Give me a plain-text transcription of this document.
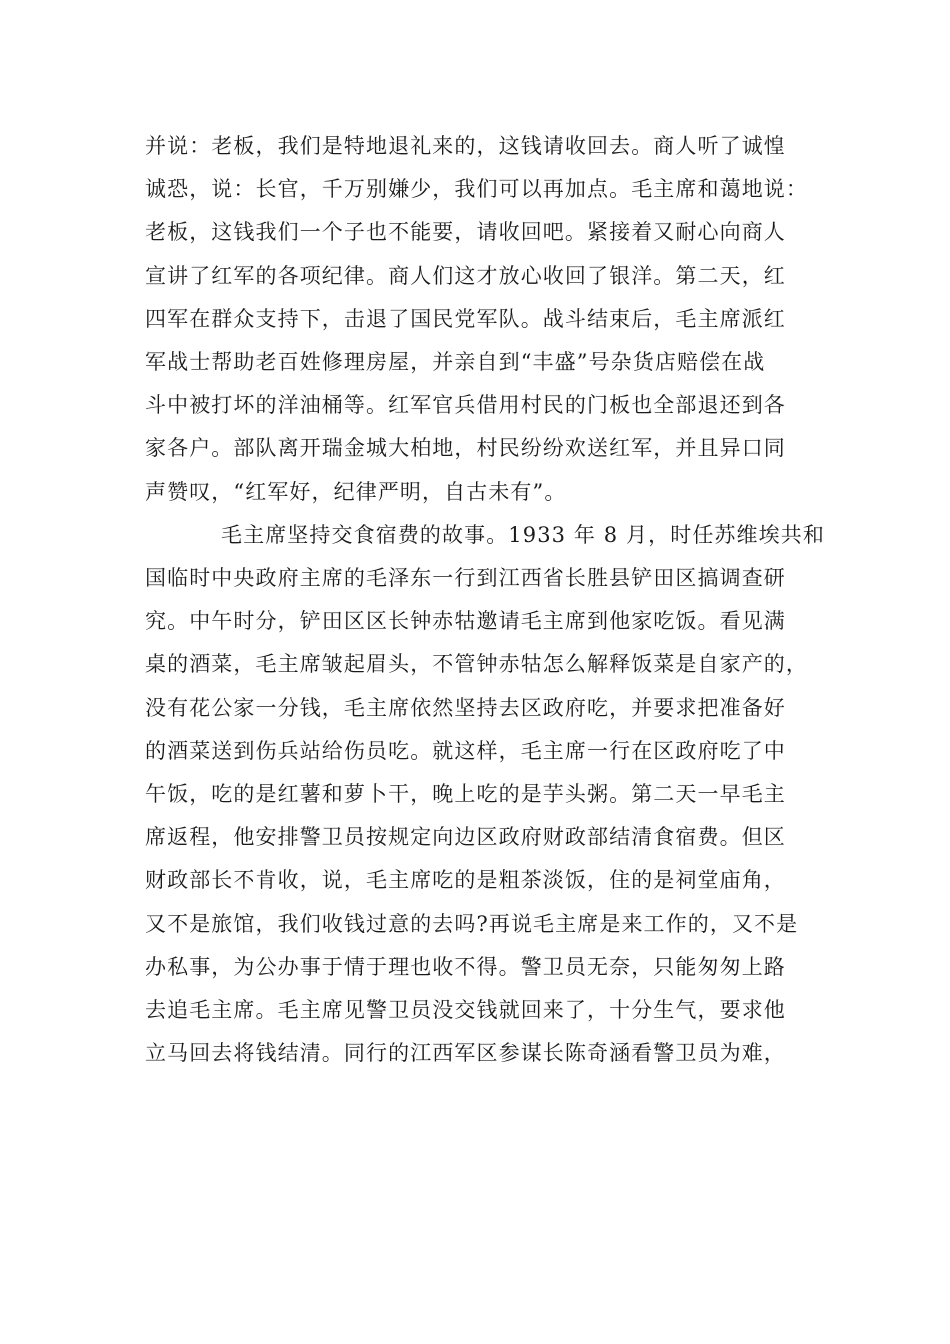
并说：老板，我们是特地退礼来的，这钱请收回去。商人听了诚惶
诚恐，说：长官，千万别嫌少，我们可以再加点。毛主席和蔼地说：
老板，这钱我们一个子也不能要，请收回吧。紧接着又耐心向商人
宣讲了红军的各项纪律。商人们这才放心收回了银洋。第二天，红
四军在群众支持下，击退了国民党军队。战斗结束后，毛主席派红
军战士帮助老百姓修理房屋，并亲自到“丰盛”号杂货店赔偿在战
斗中被打坏的洋油桶等。红军官兵借用村民的门板也全部退还到各
家各户。部队离开瑞金城大柏地，村民纷纷欢送红军，并且异口同
声赞叹，“红军好，纪律严明，自古未有”。
毛主席坚持交食宿费的故事。1933 年 8 月，时任苏维埃共和
国临时中央政府主席的毛泽东一行到江西省长胜县铲田区搞调查研
究。中午时分，铲田区区长钟赤牯邀请毛主席到他家吃饭。看见满
桌的酒菜，毛主席皱起眉头，不管钟赤牯怎么解释饭菜是自家产的，
没有花公家一分钱，毛主席依然坚持去区政府吃，并要求把准备好
的酒菜送到伤兵站给伤员吃。就这样，毛主席一行在区政府吃了中
午饭，吃的是红薯和萝卜干，晚上吃的是芋头粥。第二天一早毛主
席返程，他安排警卫员按规定向边区政府财政部结清食宿费。但区
财政部长不肯收，说，毛主席吃的是粗茶淡饭，住的是祠堂庙角，
又不是旅馆，我们收钱过意的去吗?再说毛主席是来工作的，又不是
办私事，为公办事于情于理也收不得。警卫员无奈，只能匆匆上路
去追毛主席。毛主席见警卫员没交钱就回来了，十分生气，要求他
立马回去将钱结清。同行的江西军区参谋长陈奇涵看警卫员为难，
